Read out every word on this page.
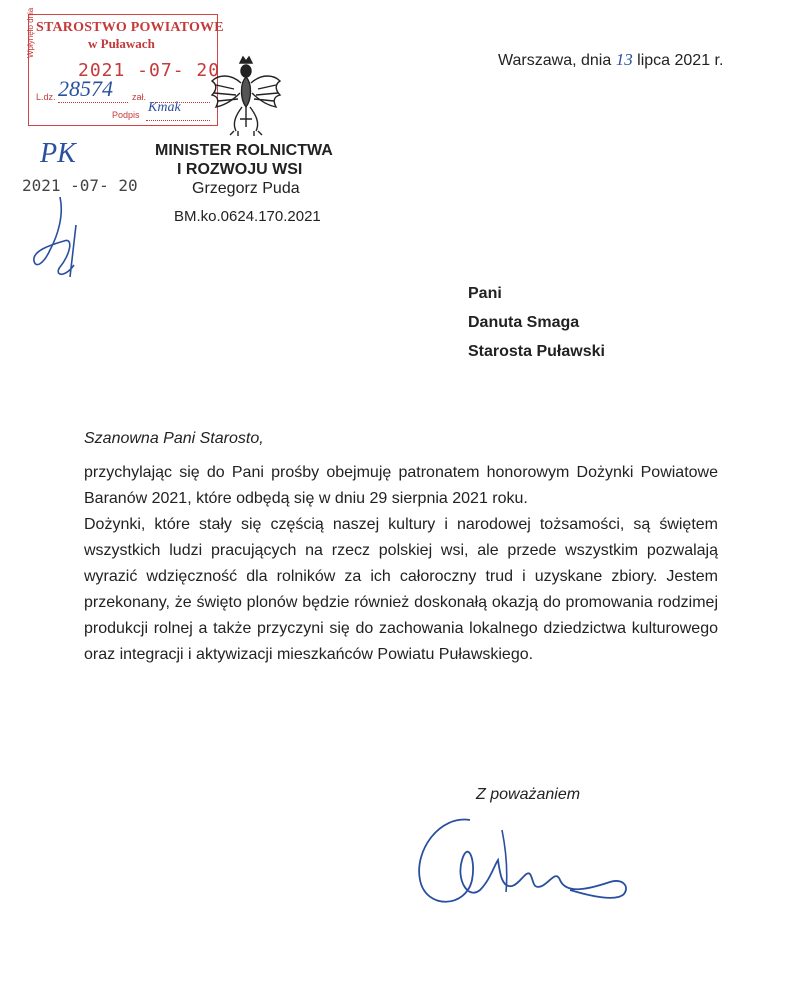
STAROSTWO POWIATOWE
w Puławach
Wpłynęło dnia
2021 -07- 20
L.dz. 28574 zał.
Podpis Kmak
PK
2021 -07- 20
MINISTER ROLNICTWA
I ROZWOJU WSI
Grzegorz Puda
BM.ko.0624.170.2021
Warszawa, dnia 13 lipca 2021 r.
Pani
Danuta Smaga
Starosta Puławski
Szanowna Pani Starosto,

przychylając się do Pani prośby obejmuję patronatem honorowym Dożynki Powiatowe Baranów 2021, które odbędą się w dniu 29 sierpnia 2021 roku.

Dożynki, które stały się częścią naszej kultury i narodowej tożsamości, są świętem wszystkich ludzi pracujących na rzecz polskiej wsi, ale przede wszystkim pozwalają wyrazić wdzięczność dla rolników za ich całoroczny trud i uzyskane zbiory. Jestem przekonany, że święto plonów będzie również doskonałą okazją do promowania rodzimej produkcji rolnej a także przyczyni się do zachowania lokalnego dziedzictwa kulturowego oraz integracji i aktywizacji mieszkańców Powiatu Puławskiego.

Z poważaniem
